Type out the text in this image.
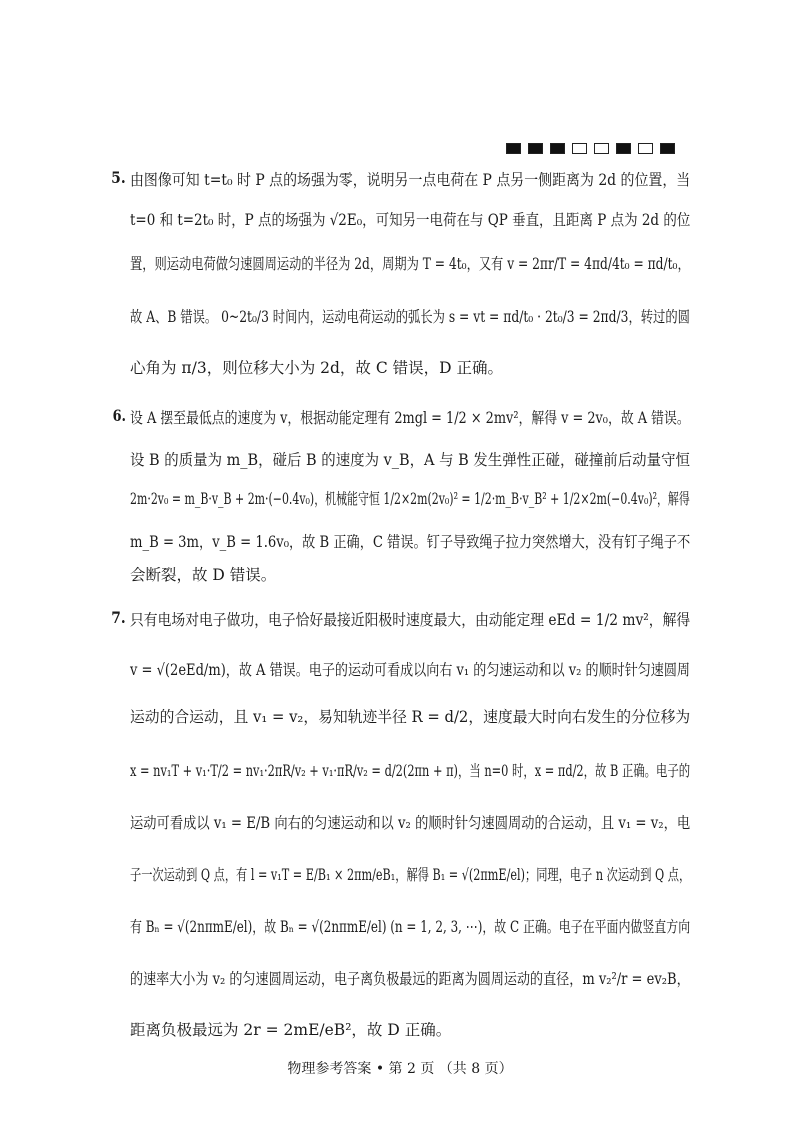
5. 由图像可知 t=t₀ 时 P 点的场强为零，说明另一点电荷在 P 点另一侧距离为 2d 的位置，当
t=0 和 t=2t₀ 时，P 点的场强为 √2E₀，可知另一电荷在与 QP 垂直，且距离 P 点为 2d 的位
置，则运动电荷做匀速圆周运动的半径为 2d，周期为 T = 4t₀，又有 v = 2πr/T = 4πd/4t₀ = πd/t₀，
故 A、B 错误。 0~2t₀/3 时间内，运动电荷运动的弧长为 s = vt = πd/t₀ · 2t₀/3 = 2πd/3，转过的圆
心角为 π/3，则位移大小为 2d，故 C 错误，D 正确。
6. 设 A 摆至最低点的速度为 v，根据动能定理有 2mgl = 1/2 × 2mv²，解得 v = 2v₀，故 A 错误。
设 B 的质量为 m_B，碰后 B 的速度为 v_B，A 与 B 发生弹性正碰，碰撞前后动量守恒
2m·2v₀ = m_B·v_B + 2m·(−0.4v₀)，机械能守恒 1/2×2m(2v₀)² = 1/2·m_B·v_B² + 1/2×2m(−0.4v₀)²，解得
m_B = 3m，v_B = 1.6v₀，故 B 正确，C 错误。钉子导致绳子拉力突然增大，没有钉子绳子不
会断裂，故 D 错误。
7. 只有电场对电子做功，电子恰好最接近阳极时速度最大，由动能定理 eEd = 1/2 mv²，解得
v = √(2eEd/m)，故 A 错误。电子的运动可看成以向右 v₁ 的匀速运动和以 v₂ 的顺时针匀速圆周
运动的合运动，且 v₁ = v₂，易知轨迹半径 R = d/2，速度最大时向右发生的分位移为
x = nv₁T + v₁·T/2 = nv₁·2πR/v₂ + v₁·πR/v₂ = d/2(2πn + π)，当 n=0 时，x = πd/2，故 B 正确。电子的
运动可看成以 v₁ = E/B 向右的匀速运动和以 v₂ 的顺时针匀速圆周动的合运动，且 v₁ = v₂，电
子一次运动到 Q 点，有 l = v₁T = E/B₁ × 2πm/eB₁，解得 B₁ = √(2πmE/el)；同理，电子 n 次运动到 Q 点，
有 Bₙ = √(2nπmE/el)，故 Bₙ = √(2nπmE/el) (n = 1, 2, 3, ⋯)，故 C 正确。电子在平面内做竖直方向
的速率大小为 v₂ 的匀速圆周运动，电子离负极最远的距离为圆周运动的直径，m v₂²/r = ev₂B，
距离负极最远为 2r = 2mE/eB²，故 D 正确。
物理参考答案 • 第 2 页 （共 8 页）
